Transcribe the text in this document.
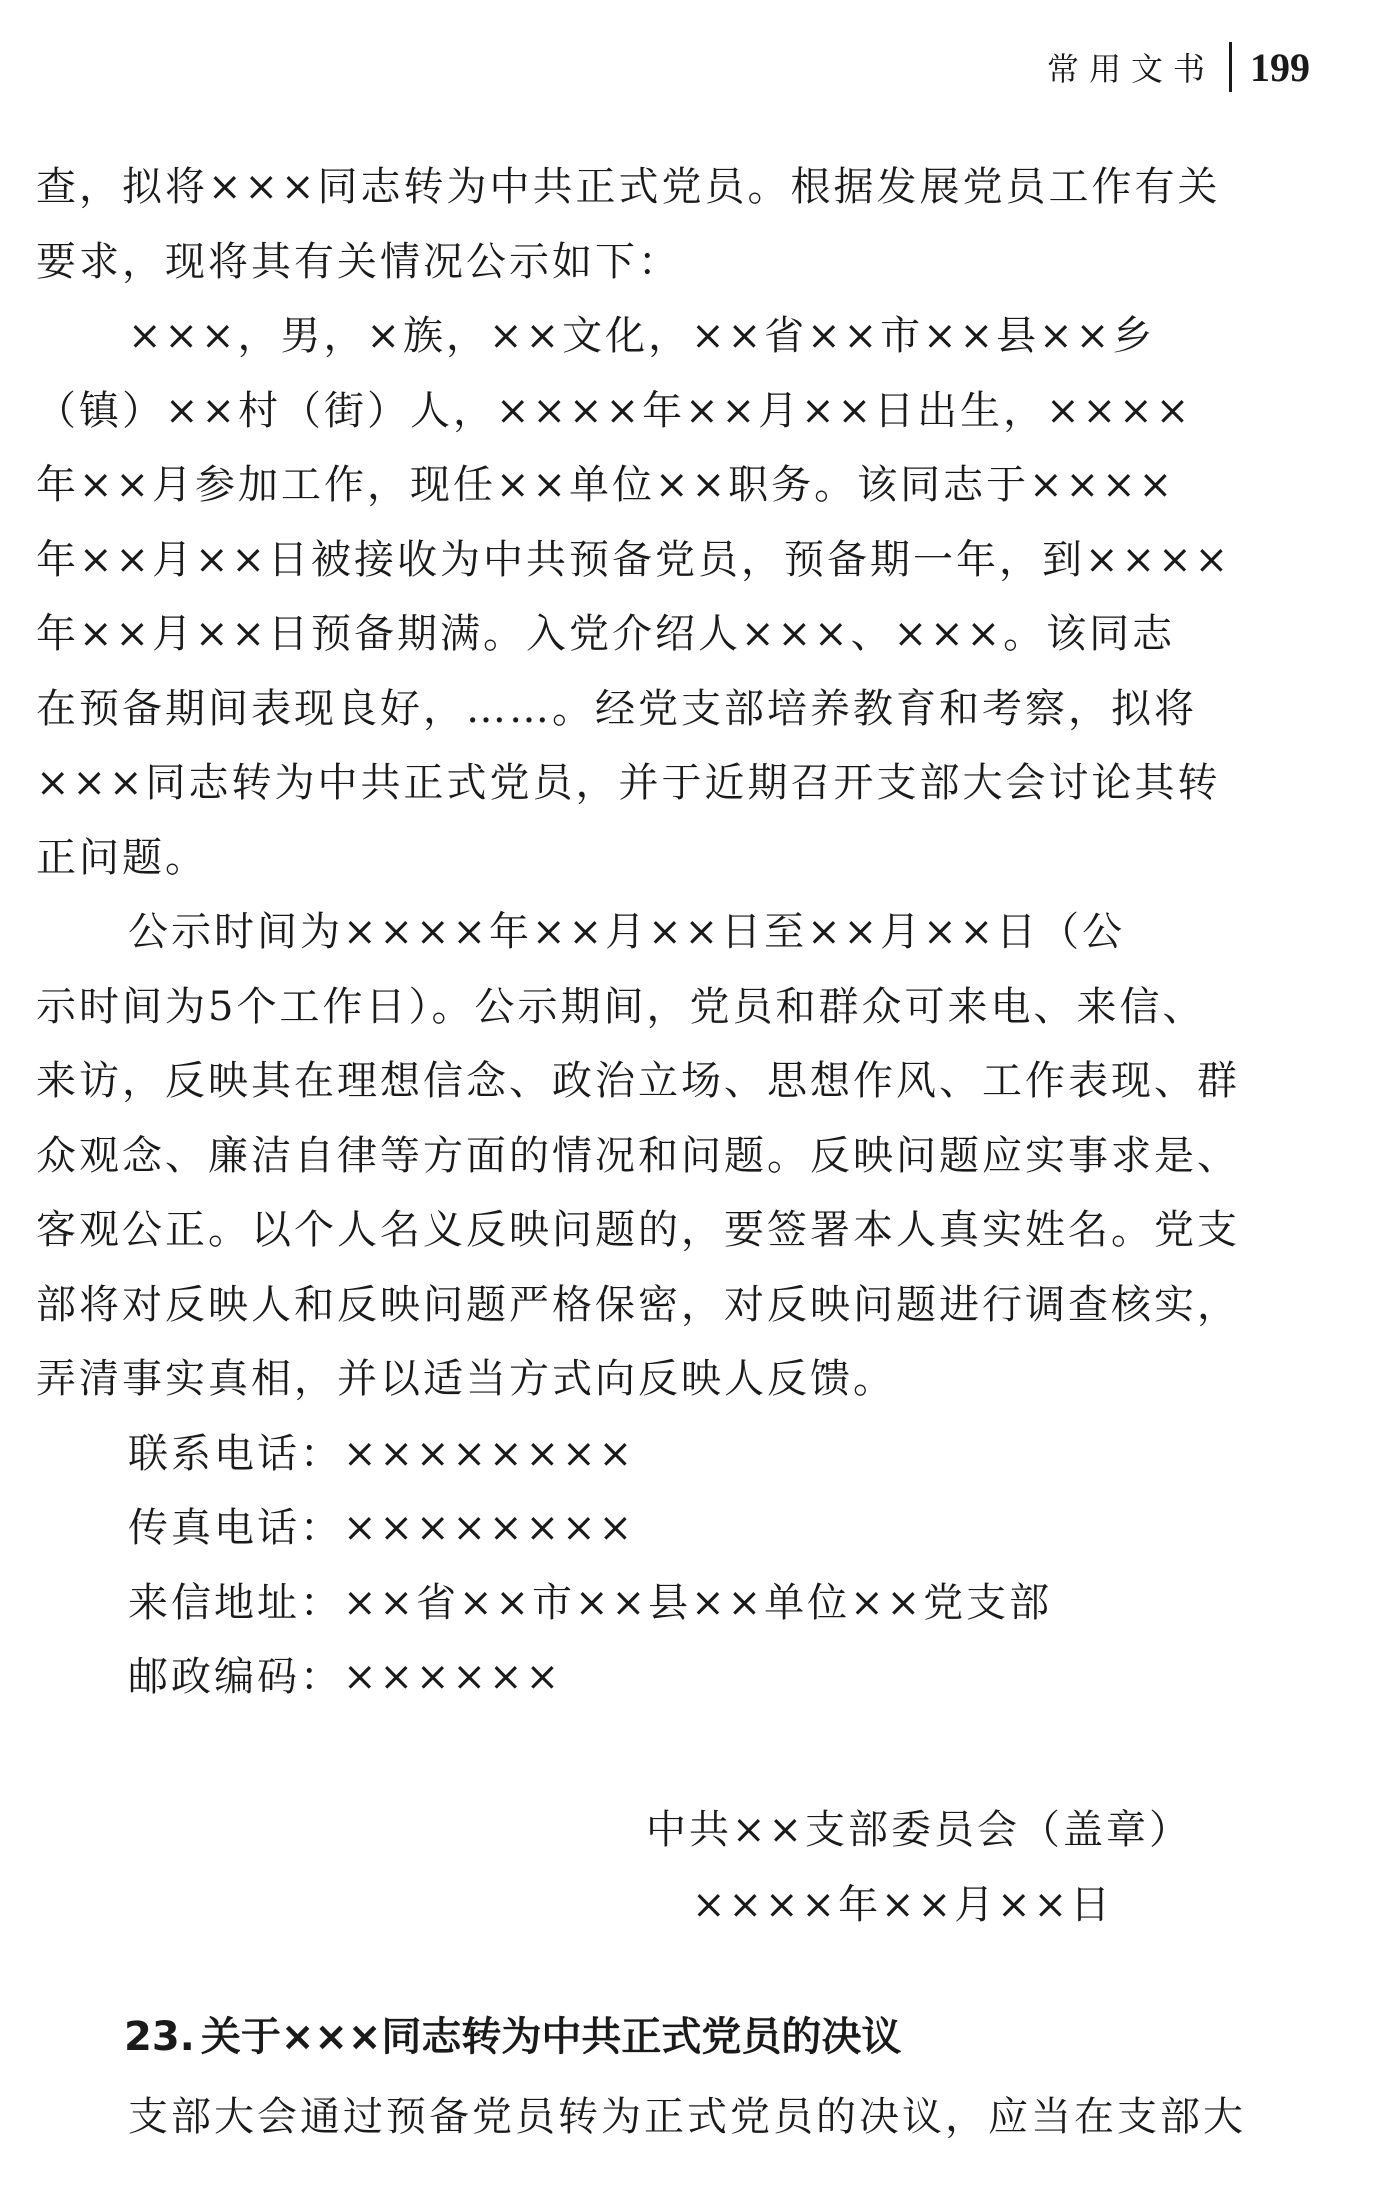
常用文书 199
查，拟将×××同志转为中共正式党员。根据发展党员工作有关
要求，现将其有关情况公示如下：
×××，男，×族，××文化，××省××市××县××乡
（镇）××村（街）人，××××年××月××日出生，××××
年××月参加工作，现任××单位××职务。该同志于××××
年××月××日被接收为中共预备党员，预备期一年，到××××
年××月××日预备期满。入党介绍人×××、×××。该同志
在预备期间表现良好，……。经党支部培养教育和考察，拟将
×××同志转为中共正式党员，并于近期召开支部大会讨论其转
正问题。
公示时间为××××年××月××日至××月××日（公
示时间为5个工作日）。公示期间，党员和群众可来电、来信、
来访，反映其在理想信念、政治立场、思想作风、工作表现、群
众观念、廉洁自律等方面的情况和问题。反映问题应实事求是、
客观公正。以个人名义反映问题的，要签署本人真实姓名。党支
部将对反映人和反映问题严格保密，对反映问题进行调查核实，
弄清事实真相，并以适当方式向反映人反馈。
联系电话：××××××××
传真电话：××××××××
来信地址：××省××市××县××单位××党支部
邮政编码：××××××
中共××支部委员会（盖章）
××××年××月××日
23. 关于×××同志转为中共正式党员的决议
支部大会通过预备党员转为正式党员的决议，应当在支部大
